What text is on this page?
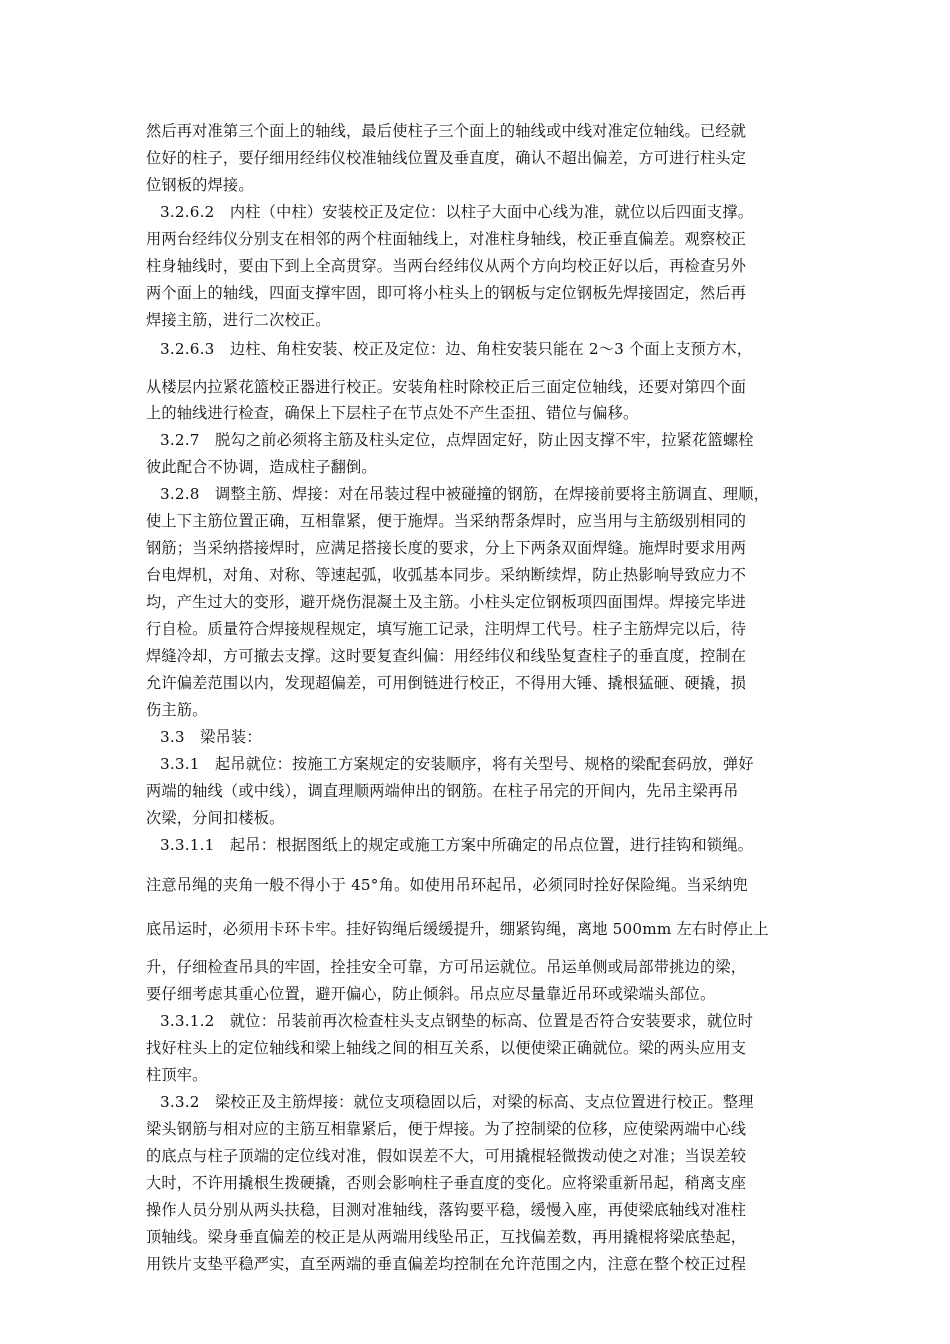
然后再对准第三个面上的轴线，最后使柱子三个面上的轴线或中线对准定位轴线。已经就
位好的柱子，要仔细用经纬仪校准轴线位置及垂直度，确认不超出偏差，方可进行柱头定
位钢板的焊接。
3.2.6.2　内柱（中柱）安装校正及定位：以柱子大面中心线为准，就位以后四面支撑。
用两台经纬仪分别支在相邻的两个柱面轴线上，对准柱身轴线，校正垂直偏差。观察校正
柱身轴线时，要由下到上全高贯穿。当两台经纬仪从两个方向均校正好以后，再检查另外
两个面上的轴线，四面支撑牢固，即可将小柱头上的钢板与定位钢板先焊接固定，然后再
焊接主筋，进行二次校正。
3.2.6.3　边柱、角柱安装、校正及定位：边、角柱安装只能在 2～3 个面上支预方木，
从楼层内拉紧花篮校正器进行校正。安装角柱时除校正后三面定位轴线，还要对第四个面
上的轴线进行检查，确保上下层柱子在节点处不产生歪扭、错位与偏移。
3.2.7　脱勾之前必须将主筋及柱头定位，点焊固定好，防止因支撑不牢，拉紧花篮螺栓
彼此配合不协调，造成柱子翻倒。
3.2.8　调整主筋、焊接：对在吊装过程中被碰撞的钢筋，在焊接前要将主筋调直、理顺，
使上下主筋位置正确，互相靠紧，便于施焊。当采纳帮条焊时，应当用与主筋级别相同的
钢筋；当采纳搭接焊时，应满足搭接长度的要求，分上下两条双面焊缝。施焊时要求用两
台电焊机，对角、对称、等速起弧，收弧基本同步。采纳断续焊，防止热影响导致应力不
均，产生过大的变形，避开烧伤混凝土及主筋。小柱头定位钢板项四面围焊。焊接完毕进
行自检。质量符合焊接规程规定，填写施工记录，注明焊工代号。柱子主筋焊完以后，待
焊缝冷却，方可撤去支撑。这时要复查纠偏：用经纬仪和线坠复查柱子的垂直度，控制在
允许偏差范围以内，发现超偏差，可用倒链进行校正，不得用大锤、撬根猛砸、硬撬，损
伤主筋。
3.3　梁吊装：
3.3.1　起吊就位：按施工方案规定的安装顺序，将有关型号、规格的梁配套码放，弹好
两端的轴线（或中线），调直理顺两端伸出的钢筋。在柱子吊完的开间内，先吊主梁再吊
次梁，分间扣楼板。
3.3.1.1　起吊：根据图纸上的规定或施工方案中所确定的吊点位置，进行挂钩和锁绳。
注意吊绳的夹角一般不得小于 45°角。如使用吊环起吊，必须同时拴好保险绳。当采纳兜
底吊运时，必须用卡环卡牢。挂好钩绳后缓缓提升，绷紧钩绳，离地 500mm 左右时停止上
升，仔细检查吊具的牢固，拴挂安全可靠，方可吊运就位。吊运单侧或局部带挑边的梁，
要仔细考虑其重心位置，避开偏心，防止倾斜。吊点应尽量靠近吊环或梁端头部位。
3.3.1.2　就位：吊装前再次检查柱头支点钢垫的标高、位置是否符合安装要求，就位时
找好柱头上的定位轴线和梁上轴线之间的相互关系，以便使梁正确就位。梁的两头应用支
柱顶牢。
3.3.2　梁校正及主筋焊接：就位支项稳固以后，对梁的标高、支点位置进行校正。整理
梁头钢筋与相对应的主筋互相靠紧后，便于焊接。为了控制梁的位移，应使梁两端中心线
的底点与柱子顶端的定位线对准，假如误差不大，可用撬棍轻微拨动使之对准；当误差较
大时，不许用撬根生拨硬撬，否则会影响柱子垂直度的变化。应将梁重新吊起，稍离支座
操作人员分别从两头扶稳，目测对准轴线，落钩要平稳，缓慢入座，再使梁底轴线对准柱
顶轴线。梁身垂直偏差的校正是从两端用线坠吊正，互找偏差数，再用撬棍将梁底垫起，
用铁片支垫平稳严实，直至两端的垂直偏差均控制在允许范围之内，注意在整个校正过程
